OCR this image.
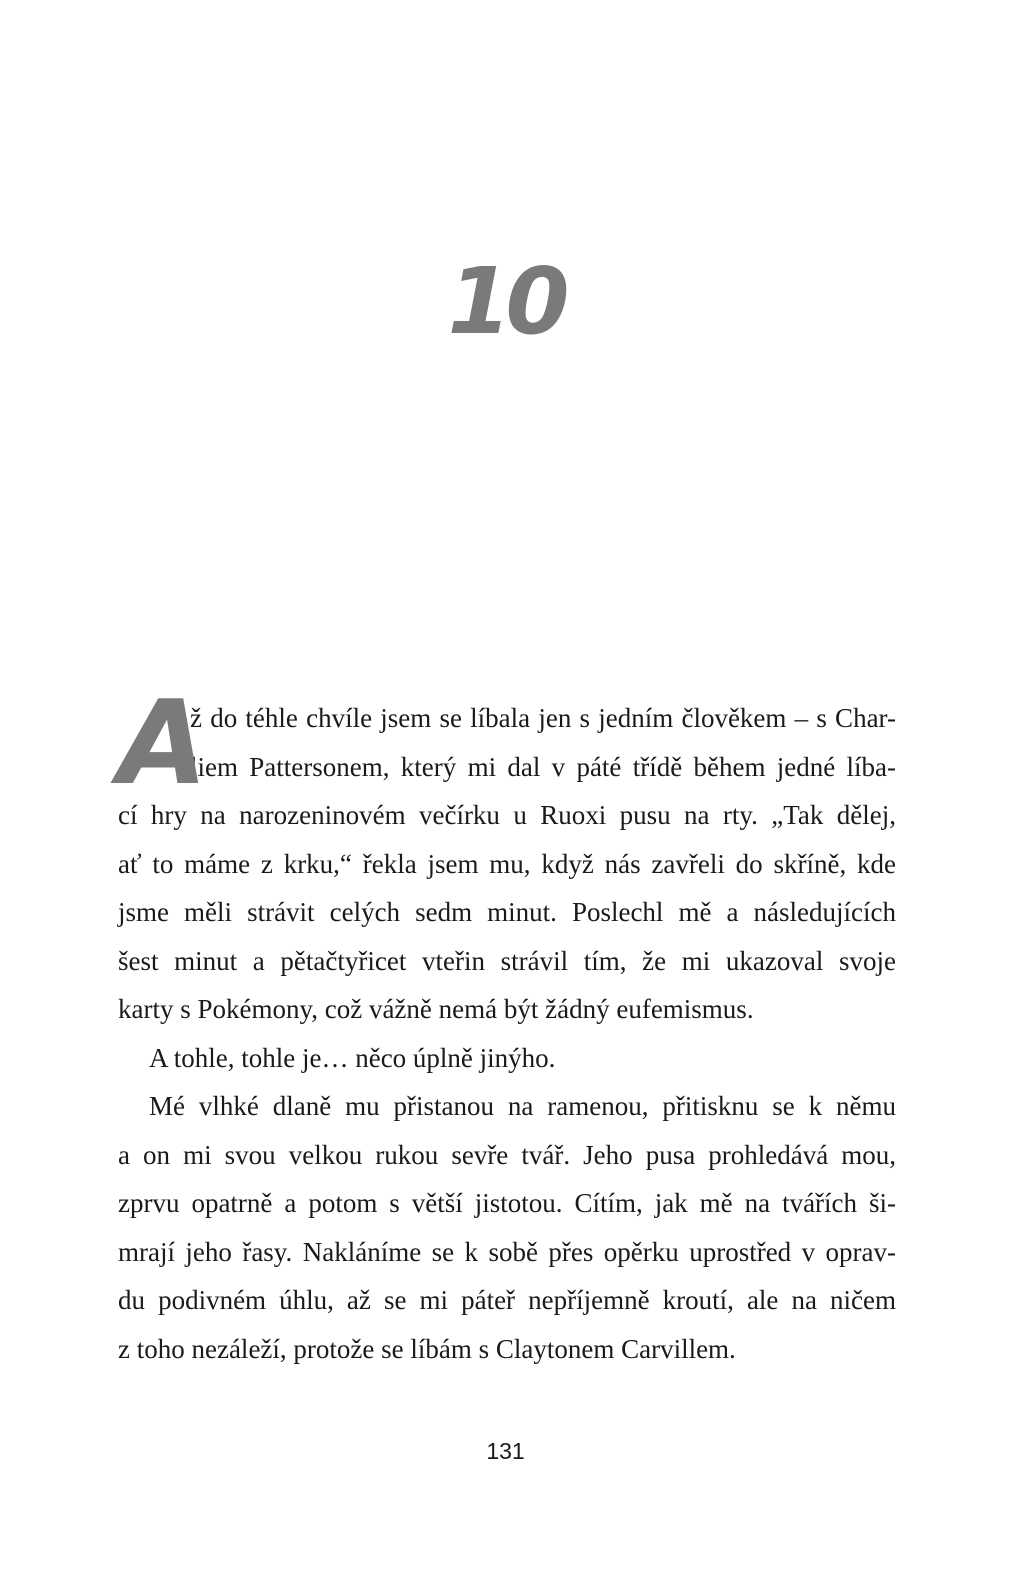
10
A
ž do téhle chvíle jsem se líbala jen s jedním člověkem – s Char-
liem Pattersonem, který mi dal v páté třídě během jedné líba-
cí hry na narozeninovém večírku u Ruoxi pusu na rty. „Tak dělej,
ať to máme z krku,“ řekla jsem mu, když nás zavřeli do skříně, kde
jsme měli strávit celých sedm minut. Poslechl mě a následujících
šest minut a pětačtyřicet vteřin strávil tím, že mi ukazoval svoje
karty s Pokémony, což vážně nemá být žádný eufemismus.
A tohle, tohle je… něco úplně jinýho.
Mé vlhké dlaně mu přistanou na ramenou, přitisknu se k němu
a on mi svou velkou rukou sevře tvář. Jeho pusa prohledává mou,
zprvu opatrně a potom s větší jistotou. Cítím, jak mě na tvářích ši-
mrají jeho řasy. Nakláníme se k sobě přes opěrku uprostřed v oprav-
du podivném úhlu, až se mi páteř nepříjemně kroutí, ale na ničem
z toho nezáleží, protože se líbám s Claytonem Carvillem.
131
